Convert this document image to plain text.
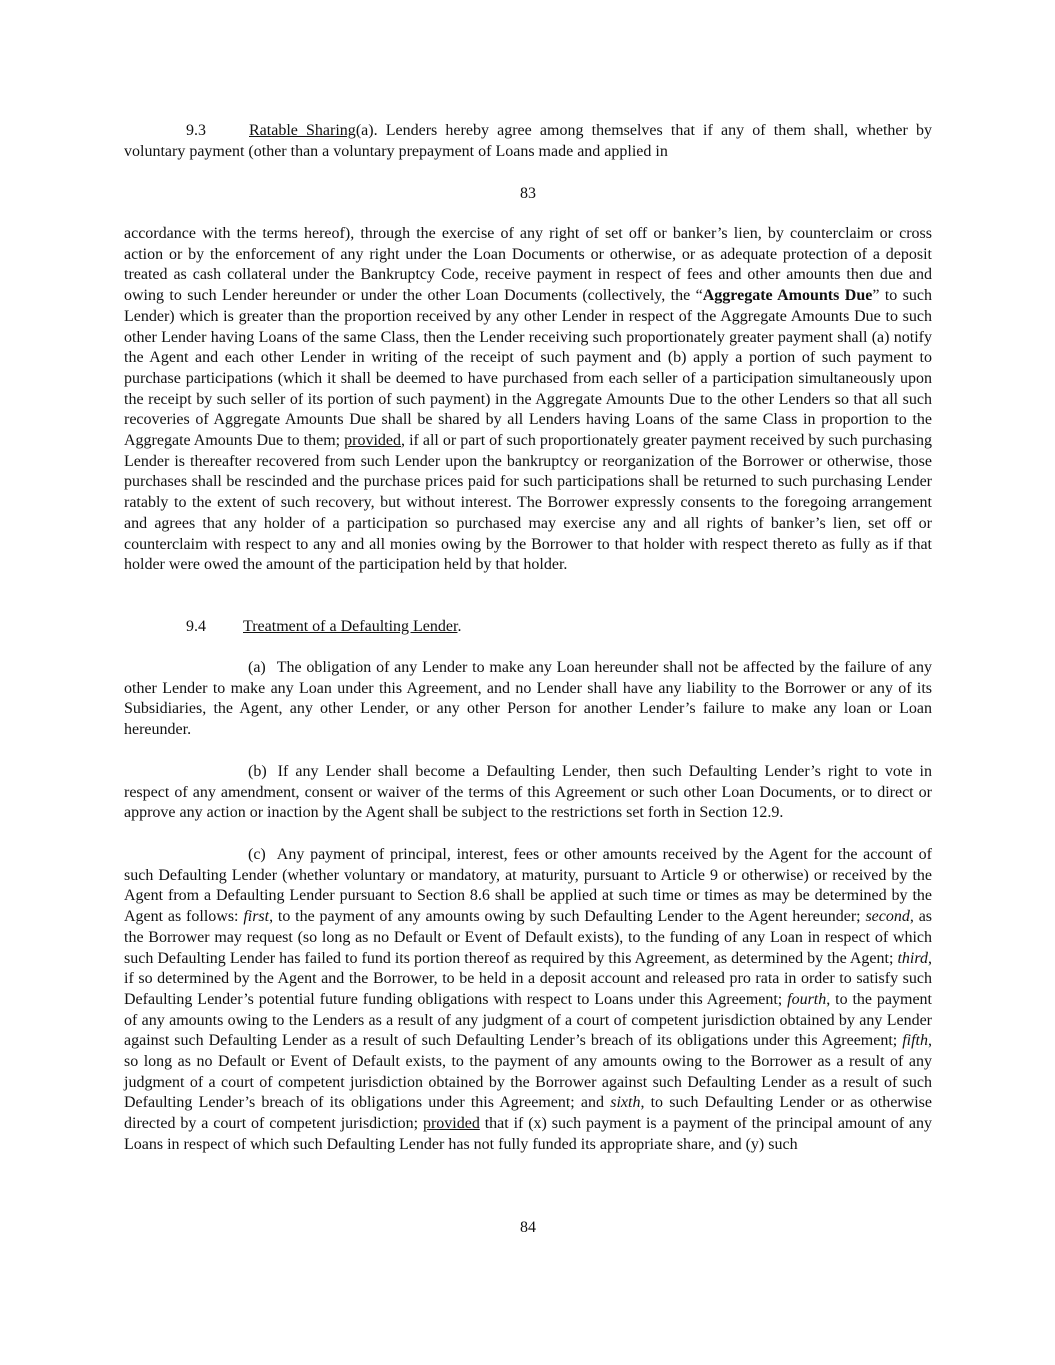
9.3	Ratable Sharing(a). Lenders hereby agree among themselves that if any of them shall, whether by voluntary payment (other than a voluntary prepayment of Loans made and applied in

83

accordance with the terms hereof), through the exercise of any right of set off or banker’s lien, by counterclaim or cross action or by the enforcement of any right under the Loan Documents or otherwise, or as adequate protection of a deposit treated as cash collateral under the Bankruptcy Code, receive payment in respect of fees and other amounts then due and owing to such Lender hereunder or under the other Loan Documents (collectively, the “Aggregate Amounts Due” to such Lender) which is greater than the proportion received by any other Lender in respect of the Aggregate Amounts Due to such other Lender having Loans of the same Class, then the Lender receiving such proportionately greater payment shall (a) notify the Agent and each other Lender in writing of the receipt of such payment and (b) apply a portion of such payment to purchase participations (which it shall be deemed to have purchased from each seller of a participation simultaneously upon the receipt by such seller of its portion of such payment) in the Aggregate Amounts Due to the other Lenders so that all such recoveries of Aggregate Amounts Due shall be shared by all Lenders having Loans of the same Class in proportion to the Aggregate Amounts Due to them; provided, if all or part of such proportionately greater payment received by such purchasing Lender is thereafter recovered from such Lender upon the bankruptcy or reorganization of the Borrower or otherwise, those purchases shall be rescinded and the purchase prices paid for such participations shall be returned to such purchasing Lender ratably to the extent of such recovery, but without interest. The Borrower expressly consents to the foregoing arrangement and agrees that any holder of a participation so purchased may exercise any and all rights of banker’s lien, set off or counterclaim with respect to any and all monies owing by the Borrower to that holder with respect thereto as fully as if that holder were owed the amount of the participation held by that holder.

9.4 Treatment of a Defaulting Lender.

(a) The obligation of any Lender to make any Loan hereunder shall not be affected by the failure of any other Lender to make any Loan under this Agreement, and no Lender shall have any liability to the Borrower or any of its Subsidiaries, the Agent, any other Lender, or any other Person for another Lender’s failure to make any loan or Loan hereunder.

(b) If any Lender shall become a Defaulting Lender, then such Defaulting Lender’s right to vote in respect of any amendment, consent or waiver of the terms of this Agreement or such other Loan Documents, or to direct or approve any action or inaction by the Agent shall be subject to the restrictions set forth in Section 12.9.

(c) Any payment of principal, interest, fees or other amounts received by the Agent for the account of such Defaulting Lender (whether voluntary or mandatory, at maturity, pursuant to Article 9 or otherwise) or received by the Agent from a Defaulting Lender pursuant to Section 8.6 shall be applied at such time or times as may be determined by the Agent as follows: first, to the payment of any amounts owing by such Defaulting Lender to the Agent hereunder; second, as the Borrower may request (so long as no Default or Event of Default exists), to the funding of any Loan in respect of which such Defaulting Lender has failed to fund its portion thereof as required by this Agreement, as determined by the Agent; third, if so determined by the Agent and the Borrower, to be held in a deposit account and released pro rata in order to satisfy such Defaulting Lender’s potential future funding obligations with respect to Loans under this Agreement; fourth, to the payment of any amounts owing to the Lenders as a result of any judgment of a court of competent jurisdiction obtained by any Lender against such Defaulting Lender as a result of such Defaulting Lender’s breach of its obligations under this Agreement; fifth, so long as no Default or Event of Default exists, to the payment of any amounts owing to the Borrower as a result of any judgment of a court of competent jurisdiction obtained by the Borrower against such Defaulting Lender as a result of such Defaulting Lender’s breach of its obligations under this Agreement; and sixth, to such Defaulting Lender or as otherwise directed by a court of competent jurisdiction; provided that if (x) such payment is a payment of the principal amount of any Loans in respect of which such Defaulting Lender has not fully funded its appropriate share, and (y) such

84
